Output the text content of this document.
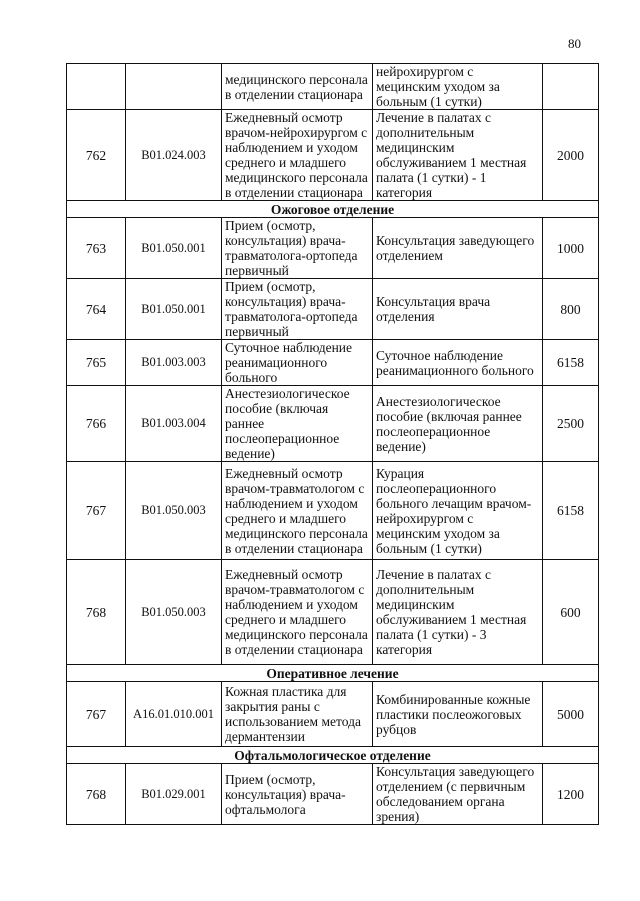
80
		медицинского персонала в отделении стационара	нейрохирургом с мецинским уходом за больным (1 сутки)	
762	B01.024.003	Ежедневный осмотр врачом-нейрохирургом с наблюдением и уходом среднего и младшего медицинского персонала в отделении стационара	Лечение в палатах с дополнительным медицинским обслуживанием 1 местная палата (1 сутки) - 1 категория	2000
Ожоговое отделение				
763	B01.050.001	Прием (осмотр, консультация) врача-травматолога-ортопеда первичный	Консультация заведующего отделением	1000
764	B01.050.001	Прием (осмотр, консультация) врача-травматолога-ортопеда первичный	Консультация врача отделения	800
765	B01.003.003	Суточное наблюдение реанимационного больного	Суточное наблюдение реанимационного больного	6158
766	B01.003.004	Анестезиологическое пособие (включая раннее послеоперационное ведение)	Анестезиологическое пособие (включая раннее послеоперационное ведение)	2500
767	B01.050.003	Ежедневный осмотр врачом-травматологом с наблюдением и уходом среднего и младшего медицинского персонала в отделении стационара	Курация послеоперационного больного лечащим врачом-нейрохирургом с мецинским уходом за больным (1 сутки)	6158
768	B01.050.003	Ежедневный осмотр врачом-травматологом с наблюдением и уходом среднего и младшего медицинского персонала в отделении стационара	Лечение в палатах с дополнительным медицинским обслуживанием 1 местная палата (1 сутки) - 3 категория	600
Оперативное лечение				
767	A16.01.010.001	Кожная пластика для закрытия раны с использованием метода дермантензии	Комбинированные кожные пластики послеожоговых рубцов	5000
Офтальмологическое отделение				
768	B01.029.001	Прием (осмотр, консультация) врача-офтальмолога	Консультация заведующего отделением (с первичным обследованием органа зрения)	1200
